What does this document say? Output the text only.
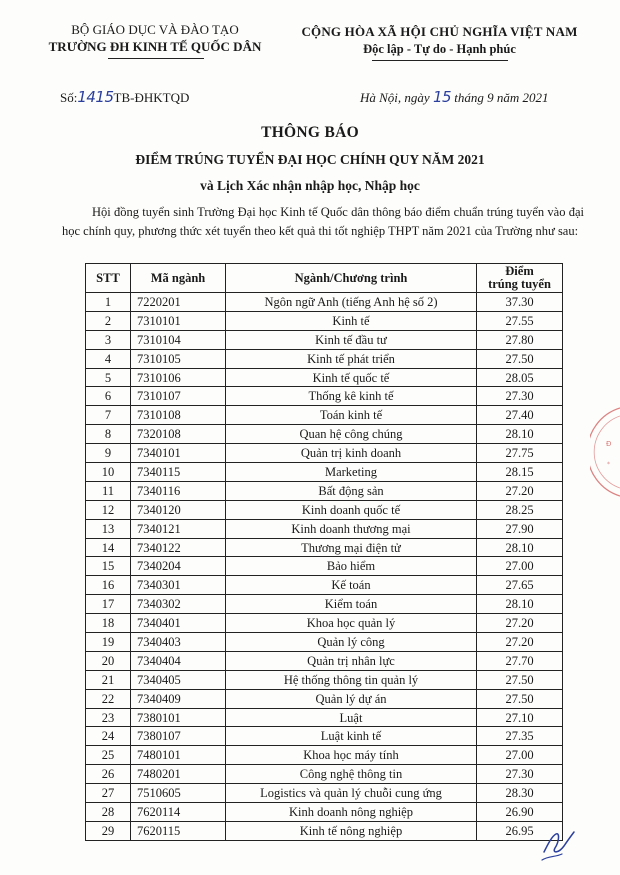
BỘ GIÁO DỤC VÀ ĐÀO TẠO
TRƯỜNG ĐH KINH TẾ QUỐC DÂN
CỘNG HÒA XÃ HỘI CHỦ NGHĨA VIỆT NAM
Độc lập - Tự do - Hạnh phúc
Số:1415TB-ĐHKTQD	Hà Nội, ngày 15 tháng 9 năm 2021
THÔNG BÁO
ĐIỂM TRÚNG TUYỂN ĐẠI HỌC CHÍNH QUY NĂM 2021
và Lịch Xác nhận nhập học, Nhập học
Hội đồng tuyển sinh Trường Đại học Kinh tế Quốc dân thông báo điểm chuẩn trúng tuyển vào đại học chính quy, phương thức xét tuyển theo kết quả thi tốt nghiệp THPT năm 2021 của Trường như sau:
STT	Mã ngành	Ngành/Chương trình	Điểm
trúng tuyển
1	7220201	Ngôn ngữ Anh (tiếng Anh hệ số 2)	37.30
2	7310101	Kinh tế	27.55
3	7310104	Kinh tế đầu tư	27.80
4	7310105	Kinh tế phát triển	27.50
5	7310106	Kinh tế quốc tế	28.05
6	7310107	Thống kê kinh tế	27.30
7	7310108	Toán kinh tế	27.40
8	7320108	Quan hệ công chúng	28.10
9	7340101	Quản trị kinh doanh	27.75
10	7340115	Marketing	28.15
11	7340116	Bất động sản	27.20
12	7340120	Kinh doanh quốc tế	28.25
13	7340121	Kinh doanh thương mại	27.90
14	7340122	Thương mại điện tử	28.10
15	7340204	Bảo hiểm	27.00
16	7340301	Kế toán	27.65
17	7340302	Kiểm toán	28.10
18	7340401	Khoa học quản lý	27.20
19	7340403	Quản lý công	27.20
20	7340404	Quản trị nhân lực	27.70
21	7340405	Hệ thống thông tin quản lý	27.50
22	7340409	Quản lý dự án	27.50
23	7380101	Luật	27.10
24	7380107	Luật kinh tế	27.35
25	7480101	Khoa học máy tính	27.00
26	7480201	Công nghệ thông tin	27.30
27	7510605	Logistics và quản lý chuỗi cung ứng	28.30
28	7620114	Kinh doanh nông nghiệp	26.90
29	7620115	Kinh tế nông nghiệp	26.95
Đ
*
